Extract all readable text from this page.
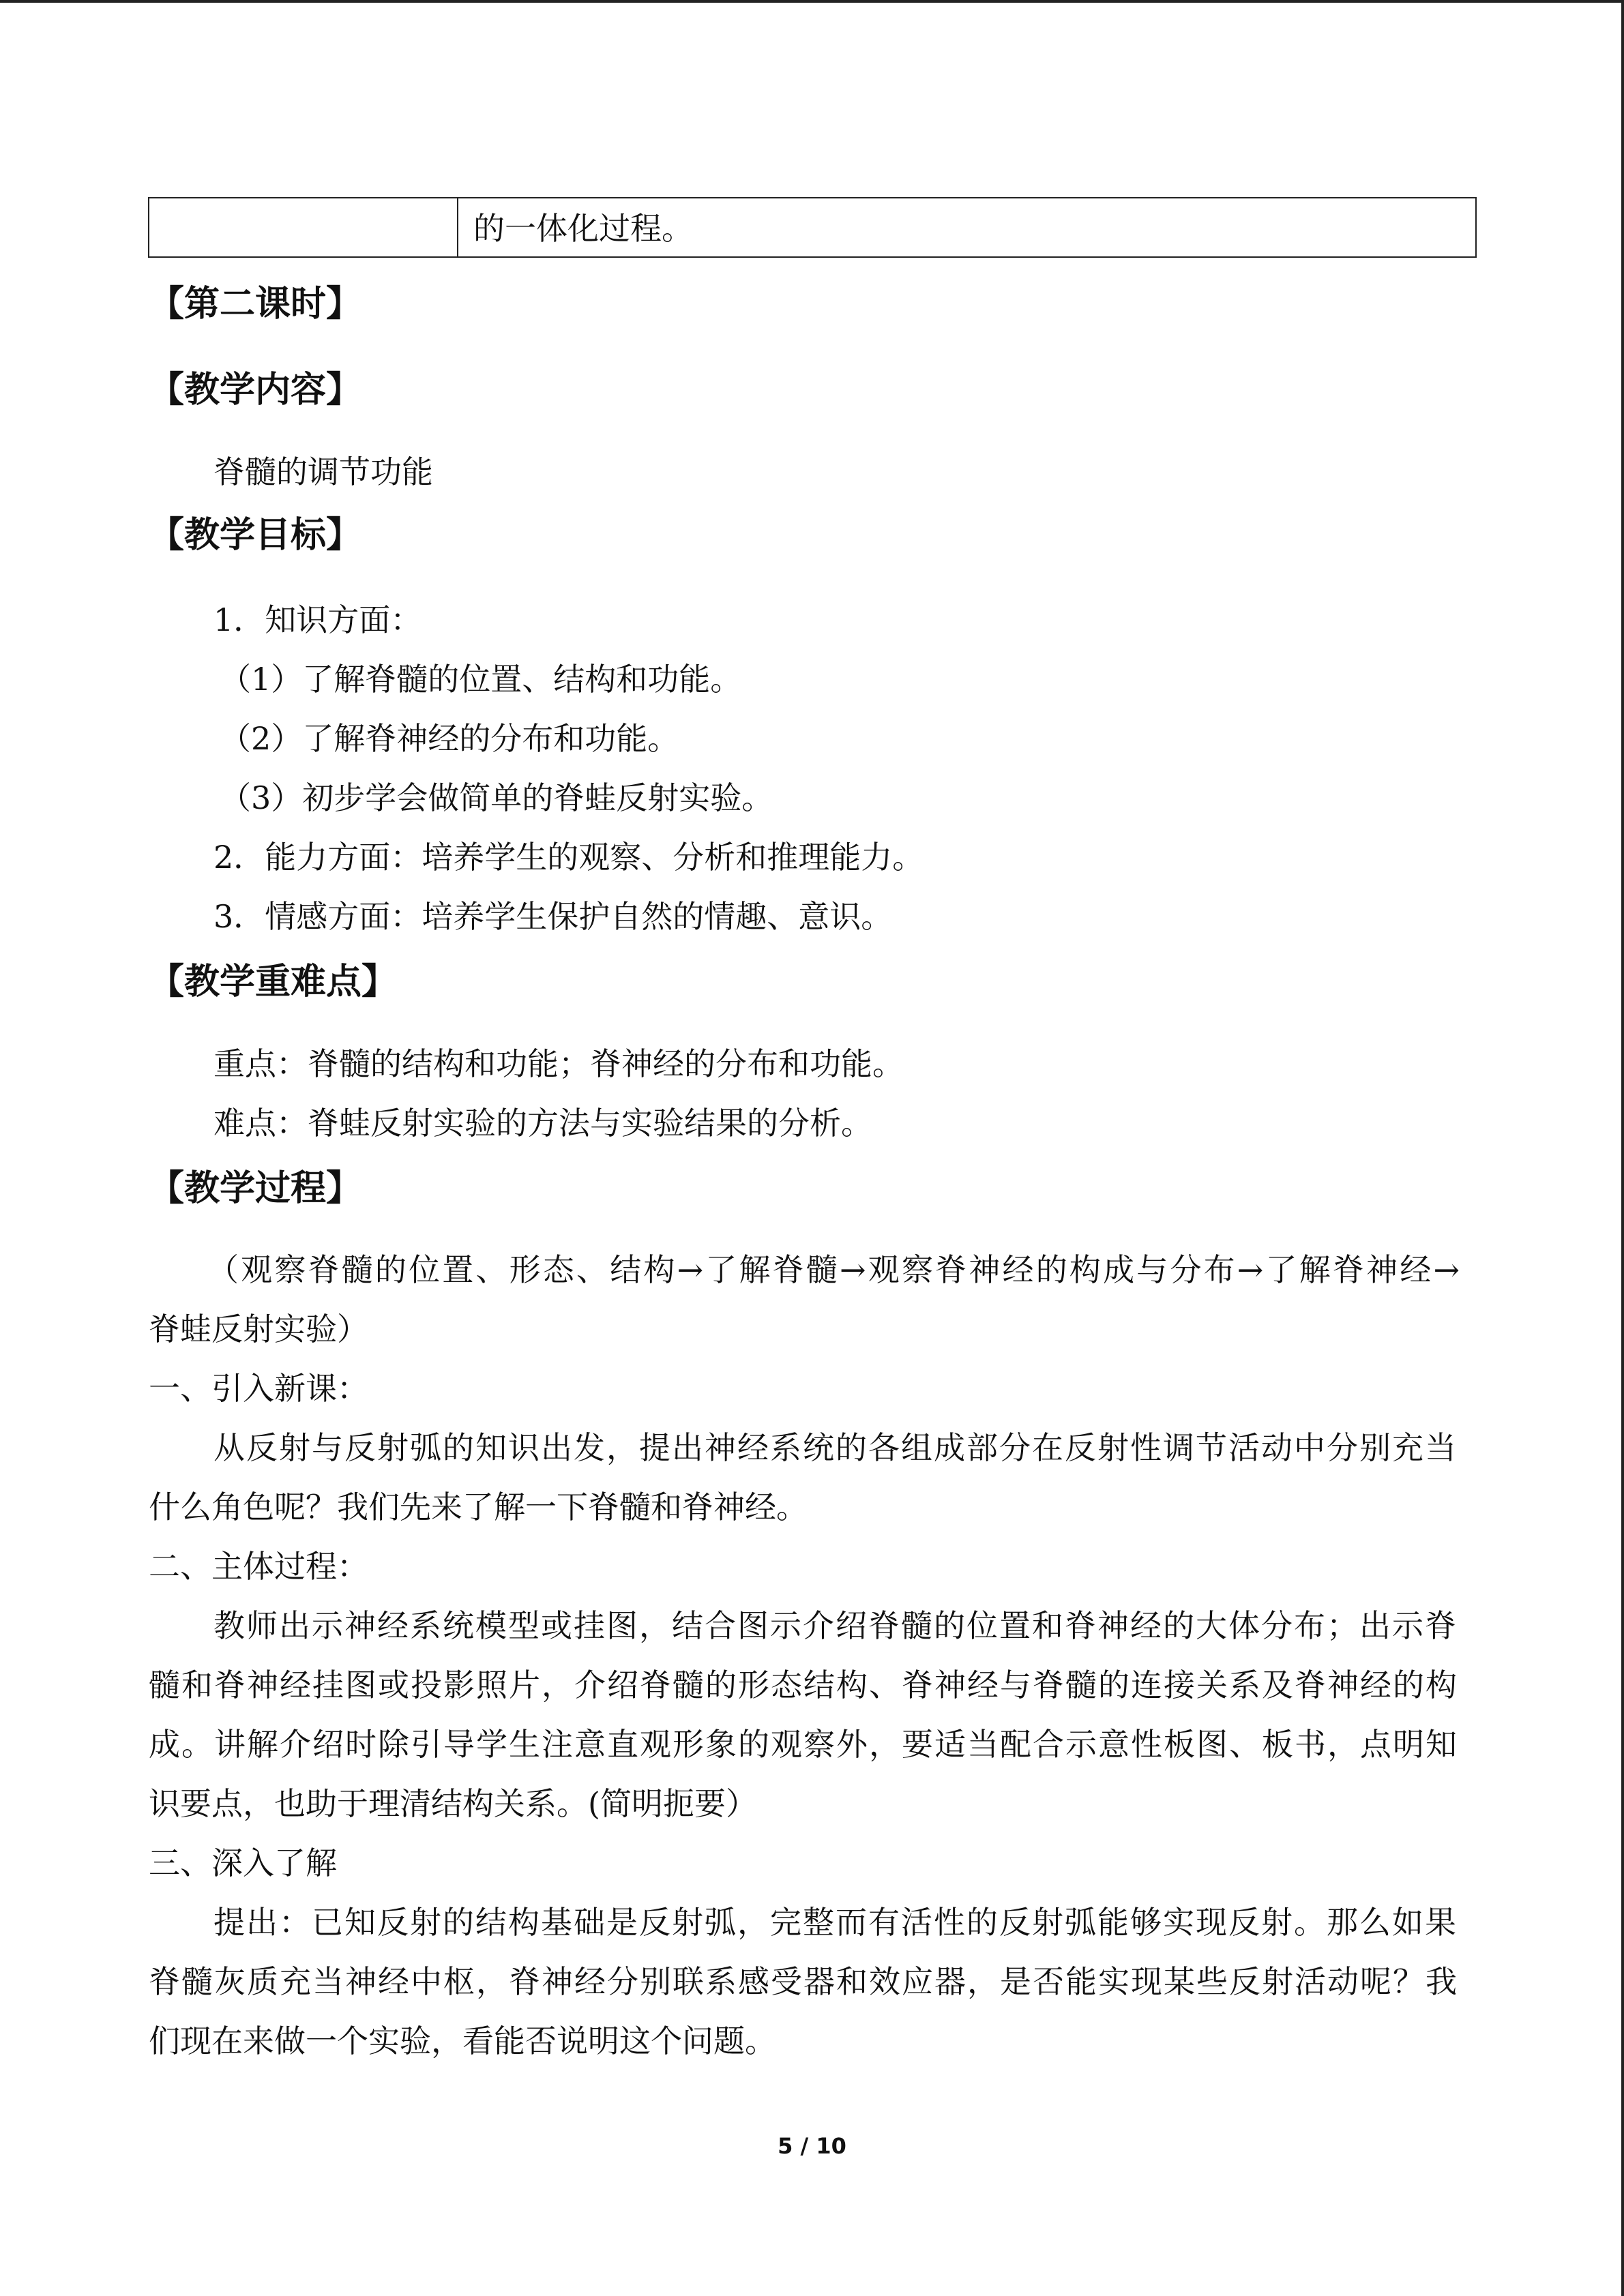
的一体化过程。
【第二课时】
【教学内容】
脊髓的调节功能
【教学目标】
1．知识方面：
（1）了解脊髓的位置、结构和功能。
（2）了解脊神经的分布和功能。
（3）初步学会做简单的脊蛙反射实验。
2．能力方面：培养学生的观察、分析和推理能力。
3．情感方面：培养学生保护自然的情趣、意识。
【教学重难点】
重点：脊髓的结构和功能；脊神经的分布和功能。
难点：脊蛙反射实验的方法与实验结果的分析。
【教学过程】
（观察脊髓的位置、形态、结构→了解脊髓→观察脊神经的构成与分布→了解脊神经→
脊蛙反射实验）
一、引入新课：
从反射与反射弧的知识出发，提出神经系统的各组成部分在反射性调节活动中分别充当
什么角色呢？我们先来了解一下脊髓和脊神经。
二、主体过程：
教师出示神经系统模型或挂图，结合图示介绍脊髓的位置和脊神经的大体分布；出示脊
髓和脊神经挂图或投影照片，介绍脊髓的形态结构、脊神经与脊髓的连接关系及脊神经的构
成。讲解介绍时除引导学生注意直观形象的观察外，要适当配合示意性板图、板书，点明知
识要点，也助于理清结构关系。(简明扼要）
三、深入了解
提出：已知反射的结构基础是反射弧，完整而有活性的反射弧能够实现反射。那么如果
脊髓灰质充当神经中枢，脊神经分别联系感受器和效应器，是否能实现某些反射活动呢？我
们现在来做一个实验，看能否说明这个问题。
5 / 10
